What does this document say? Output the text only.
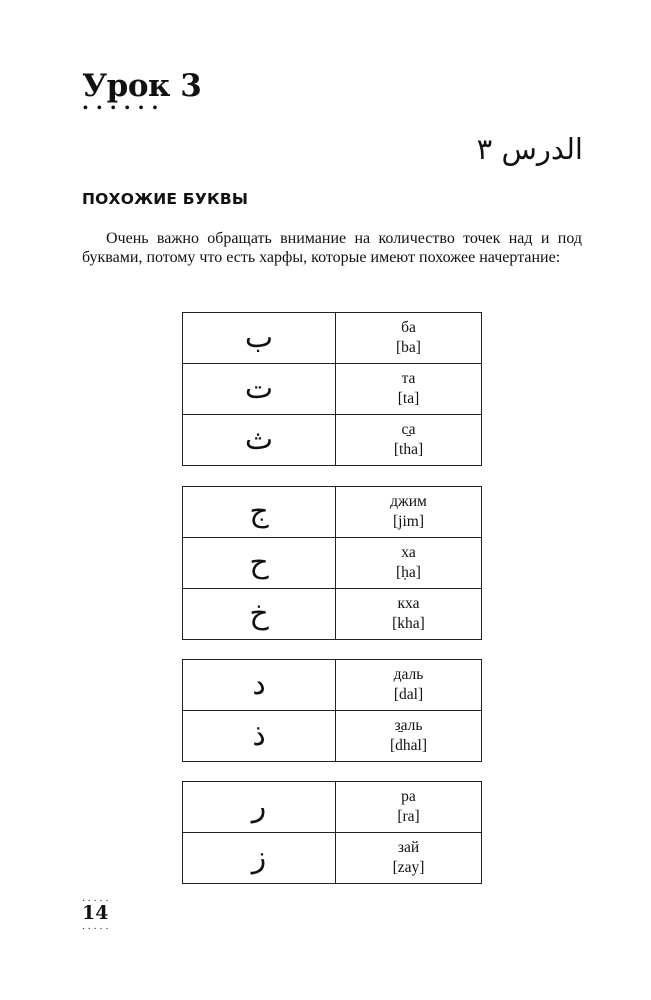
Урок 3
••••••
الدرس ٣
ПОХОЖИЕ БУКВЫ

Очень важно обращать внимание на количество точек над и под буквами, потому что есть харфы, которые имеют похожее начертание:

ب	ба
[ba]

ت	та
[ta]

ث	с̱а
[tha]
ج	джим
[jim]

ح	ха
[ḥa]

خ	кха
[kha]
د	даль
[dal]

ذ	з̱аль
[dhal]
ر	ра
[ra]

ز	зай
[zay]
.....
14
.....
